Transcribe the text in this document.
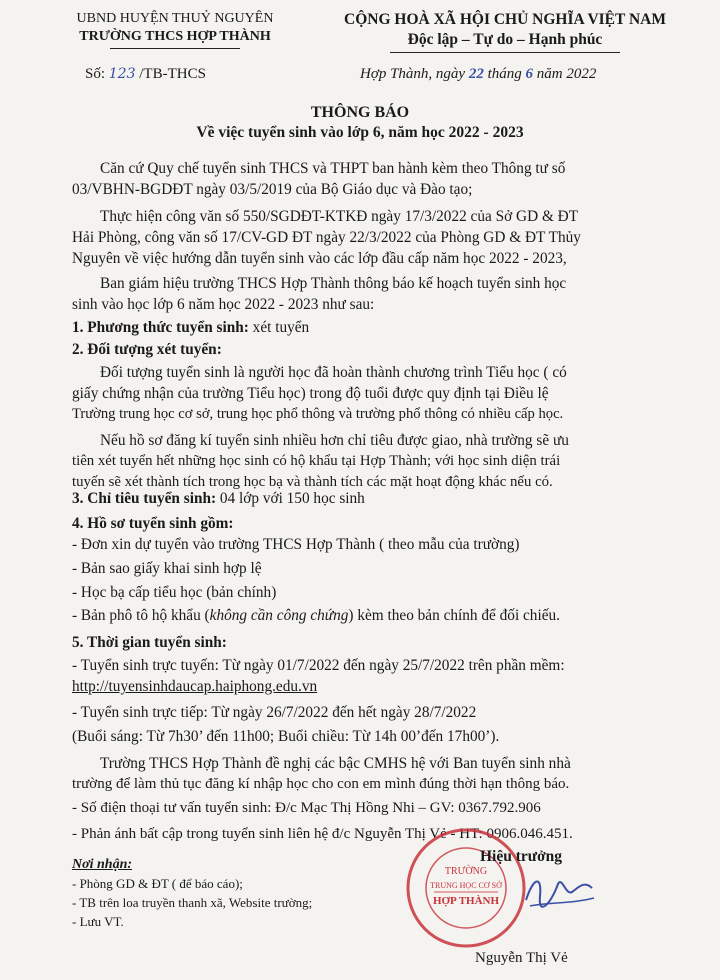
UBND HUYỆN THUỶ NGUYÊN
TRƯỜNG THCS HỢP THÀNH
CỘNG HOÀ XÃ HỘI CHỦ NGHĨA VIỆT NAM
Độc lập – Tự do – Hạnh phúc
Số: 123 /TB-THCS	Hợp Thành, ngày 22 tháng 6 năm 2022
THÔNG BÁO
Về việc tuyển sinh vào lớp 6, năm học 2022 - 2023
Căn cứ Quy chế tuyển sinh THCS và THPT ban hành kèm theo Thông tư số
03/VBHN-BGDĐT ngày 03/5/2019 của Bộ Giáo dục và Đào tạo;
Thực hiện công văn số 550/SGDĐT-KTKĐ ngày 17/3/2022 của Sở GD & ĐT
Hải Phòng, công văn số 17/CV-GD ĐT ngày 22/3/2022 của Phòng GD & ĐT Thủy
Nguyên về việc hướng dẫn tuyển sinh vào các lớp đầu cấp năm học 2022 - 2023,
Ban giám hiệu trường THCS Hợp Thành thông báo kế hoạch tuyển sinh học
sinh vào học lớp 6 năm học 2022 - 2023 như sau:
1. Phương thức tuyển sinh: xét tuyển
2. Đối tượng xét tuyển:
Đối tượng tuyển sinh là người học đã hoàn thành chương trình Tiểu học ( có
giấy chứng nhận của trường Tiểu học) trong độ tuổi được quy định tại Điều lệ
Trường trung học cơ sở, trung học phổ thông và trường phổ thông có nhiều cấp học.
Nếu hồ sơ đăng kí tuyển sinh nhiều hơn chỉ tiêu được giao, nhà trường sẽ ưu
tiên xét tuyển hết những học sinh có hộ khẩu tại Hợp Thành; với học sinh diện trái
tuyến sẽ xét thành tích trong học bạ và thành tích các mặt hoạt động khác nếu có.
3. Chỉ tiêu tuyển sinh: 04 lớp với 150 học sinh
4. Hồ sơ tuyển sinh gồm:
- Đơn xin dự tuyển vào trường THCS Hợp Thành ( theo mẫu của trường)
- Bản sao giấy khai sinh hợp lệ
- Học bạ cấp tiểu học (bản chính)
- Bản phô tô hộ khẩu (không cần công chứng) kèm theo bản chính để đối chiếu.
5. Thời gian tuyển sinh:
- Tuyển sinh trực tuyến: Từ ngày 01/7/2022 đến ngày 25/7/2022 trên phần mềm:
http://tuyensinhdaucap.haiphong.edu.vn
- Tuyển sinh trực tiếp: Từ ngày 26/7/2022 đến hết ngày 28/7/2022
(Buổi sáng: Từ 7h30’ đến 11h00; Buổi chiều: Từ 14h 00’đến 17h00’).
Trường THCS Hợp Thành đề nghị các bậc CMHS hệ với Ban tuyển sinh nhà
trường để làm thủ tục đăng kí nhập học cho con em mình đúng thời hạn thông báo.
- Số điện thoại tư vấn tuyển sinh: Đ/c Mạc Thị Hồng Nhi – GV: 0367.792.906
- Phản ánh bất cập trong tuyển sinh liên hệ đ/c Nguyễn Thị Vẻ - HT: 0906.046.451.
Nơi nhận:
- Phòng GD & ĐT ( để báo cáo);
- TB trên loa truyền thanh xã, Website trường;
- Lưu VT.
TRƯỜNG
TRUNG HỌC CƠ SỞ
HỢP THÀNH
Hiệu trưởng
Nguyễn Thị Vẻ
